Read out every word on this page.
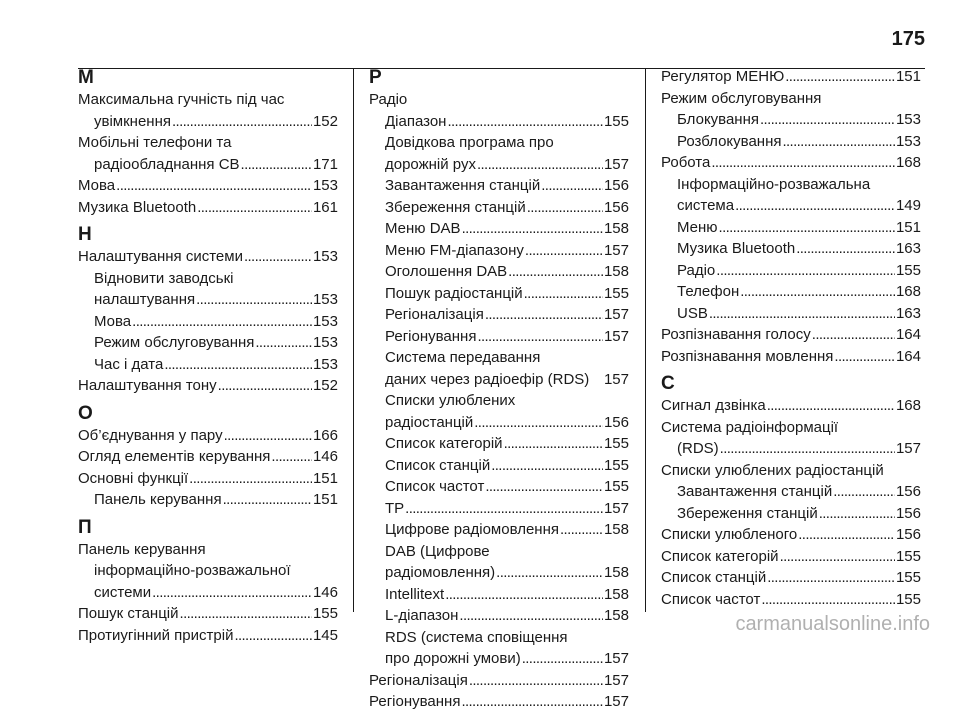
175
М
Максимальна гучність під час
увімкнення . . .	152
Мобільні телефони та
радіообладнання СВ . . .	171
Мова . . .	153
Музика Bluetooth . . .	161
Н
Налаштування системи . . .	153
Відновити заводські
налаштування . . .	153
Мова . . .	153
Режим обслуговування . . .	153
Час і дата . . .	153
Налаштування тону . . .	152
О
Об’єднування у пару . . .	166
Огляд елементів керування . . .	146
Основні функції . . .	151
Панель керування . . .	151
П
Панель керування
інформаційно-розважальної
системи . . .	146
Пошук станцій . . .	155
Протиугінний пристрій . . .	145
Р
Радіо
Діапазон . . .	155
Довідкова програма про
дорожній рух . . .	157
Завантаження станцій . . .	156
Збереження станцій . . .	156
Меню DAB . . .	158
Меню FM-діапазону . . .	157
Оголошення DAB . . .	158
Пошук радіостанцій . . .	155
Регіоналізація . . .	157
Регіонування . . .	157
Система передавання
даних через радіоефір (RDS) 157
Списки улюблених
радіостанцій . . .	156
Список категорій . . .	155
Список станцій . . .	155
Список частот . . .	155
TP . . .	157
Цифрове радіомовлення . . .	158
DAB (Цифрове
радіомовлення) . . .	158
Intellitext . . .	158
L-діапазон . . .	158
RDS (система сповіщення
про дорожні умови) . . .	157
Регіоналізація . . .	157
Регіонування . . .	157
Регулятор МЕНЮ . . .	151
Режим обслуговування
Блокування . . .	153
Розблокування . . .	153
Робота . . .	168
Інформаційно-розважальна
система . . .	149
Меню . . .	151
Музика Bluetooth . . .	163
Радіо . . .	155
Телефон . . .	168
USB . . .	163
Розпізнавання голосу . . .	164
Розпізнавання мовлення . . .	164
С
Сигнал дзвінка . . .	168
Система радіоінформації
(RDS) . . .	157
Списки улюблених радіостанцій
Завантаження станцій . . .	156
Збереження станцій . . .	156
Списки улюбленого . . .	156
Список категорій . . .	155
Список станцій . . .	155
Список частот . . .	155
carmanualsonline.info
